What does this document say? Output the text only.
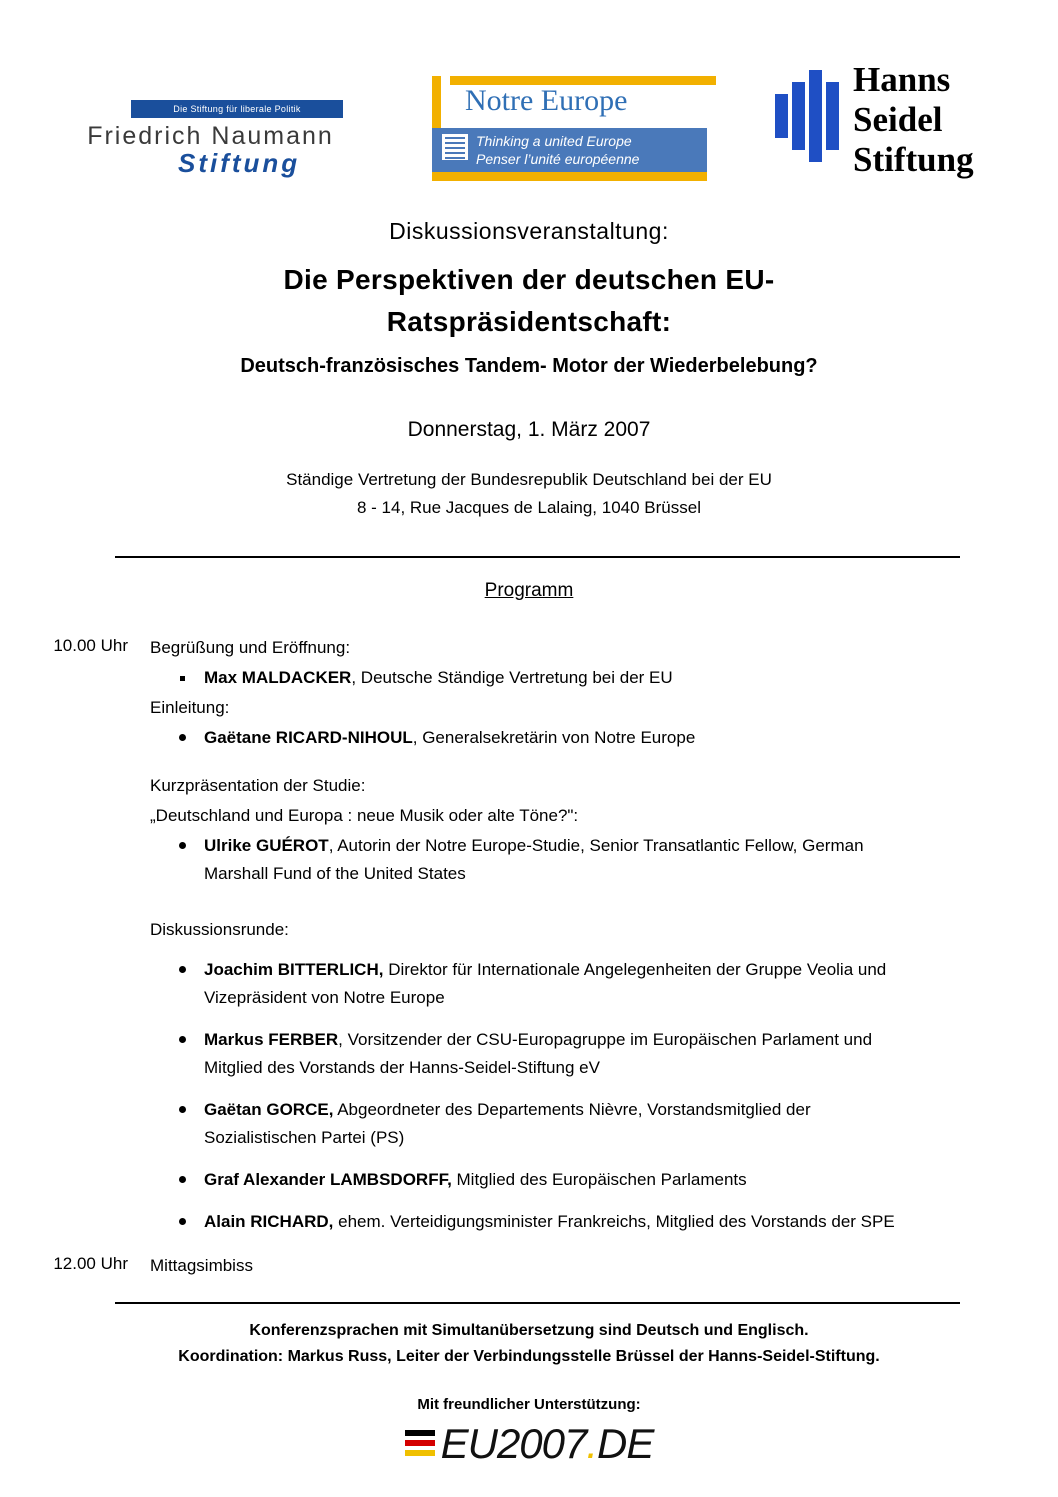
Die Stiftung für liberale Politik
Friedrich Naumann
Stiftung
Notre Europe
Thinking a united Europe
Penser l’unité européenne
Hanns
Seidel
Stiftung
Diskussionsveranstaltung:
Die Perspektiven der deutschen EU-
Ratspräsidentschaft:
Deutsch-französisches Tandem- Motor der Wiederbelebung?
Donnerstag, 1. März 2007
Ständige Vertretung der Bundesrepublik Deutschland bei der EU
8 - 14, Rue Jacques de Lalaing, 1040 Brüssel
Programm
10.00 Uhr Begrüßung und Eröffnung:

Max MALDACKER, Deutsche Ständige Vertretung bei der EU

Einleitung:

Gaëtane RICARD-NIHOUL, Generalsekretärin von Notre Europe

Kurzpräsentation der Studie:

„Deutschland und Europa : neue Musik oder alte Töne?":

Ulrike GUÉROT, Autorin der Notre Europe-Studie, Senior Transatlantic Fellow, German Marshall Fund of the United States

Diskussionsrunde:

Joachim BITTERLICH, Direktor für Internationale Angelegenheiten der Gruppe Veolia und Vizepräsident von Notre Europe
Markus FERBER, Vorsitzender der CSU-Europagruppe im Europäischen Parlament und Mitglied des Vorstands der Hanns-Seidel-Stiftung eV
Gaëtan GORCE, Abgeordneter des Departements Nièvre, Vorstandsmitglied der Sozialistischen Partei (PS)
Graf Alexander LAMBSDORFF, Mitglied des Europäischen Parlaments
Alain RICHARD, ehem. Verteidigungsminister Frankreichs, Mitglied des Vorstands der SPE
12.00 Uhr Mittagsimbiss

Konferenzsprachen mit Simultanübersetzung sind Deutsch und Englisch.
Koordination: Markus Russ, Leiter der Verbindungsstelle Brüssel der Hanns-Seidel-Stiftung.
Mit freundlicher Unterstützung:
EU2007.DE
